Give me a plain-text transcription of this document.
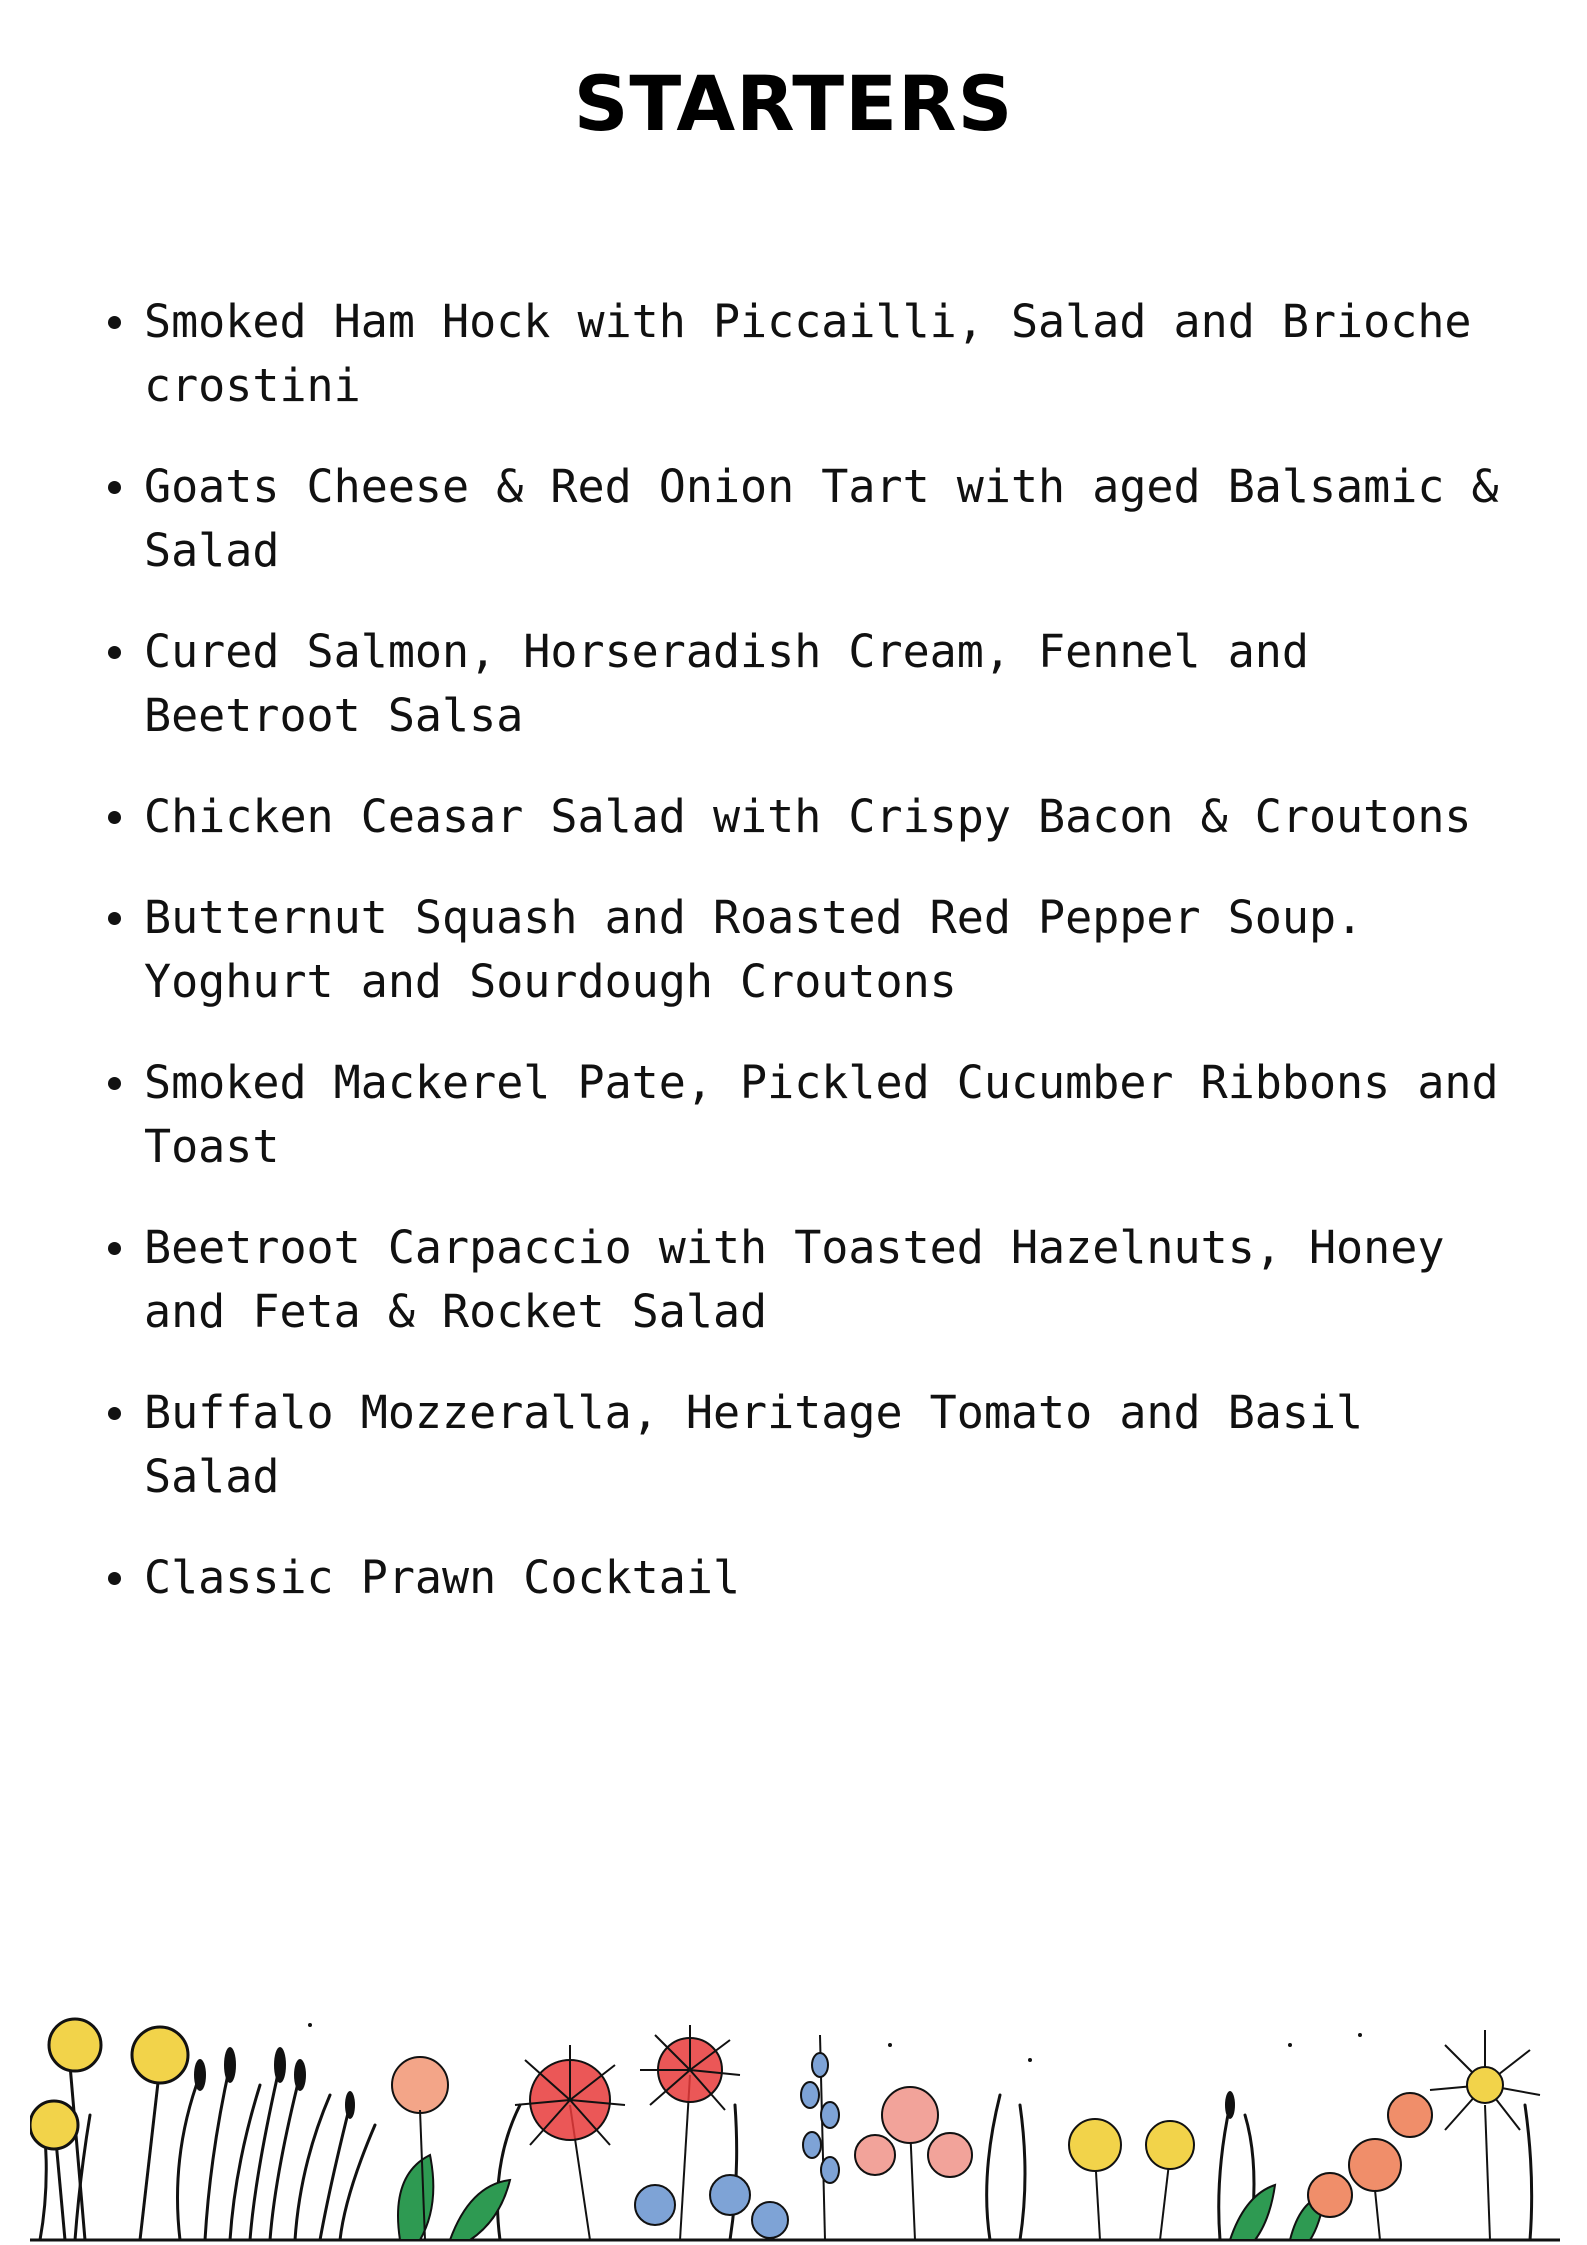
STARTERS
Smoked Ham Hock with Piccailli, Salad and Brioche crostini
Goats Cheese & Red Onion Tart with aged Balsamic & Salad
Cured Salmon, Horseradish Cream, Fennel and Beetroot Salsa
Chicken Ceasar Salad with Crispy Bacon & Croutons
Butternut Squash and Roasted Red Pepper Soup. Yoghurt and Sourdough Croutons
Smoked Mackerel Pate, Pickled Cucumber Ribbons and Toast
Beetroot Carpaccio with Toasted Hazelnuts, Honey and Feta & Rocket Salad
Buffalo Mozzeralla, Heritage Tomato and Basil Salad
Classic Prawn Cocktail
